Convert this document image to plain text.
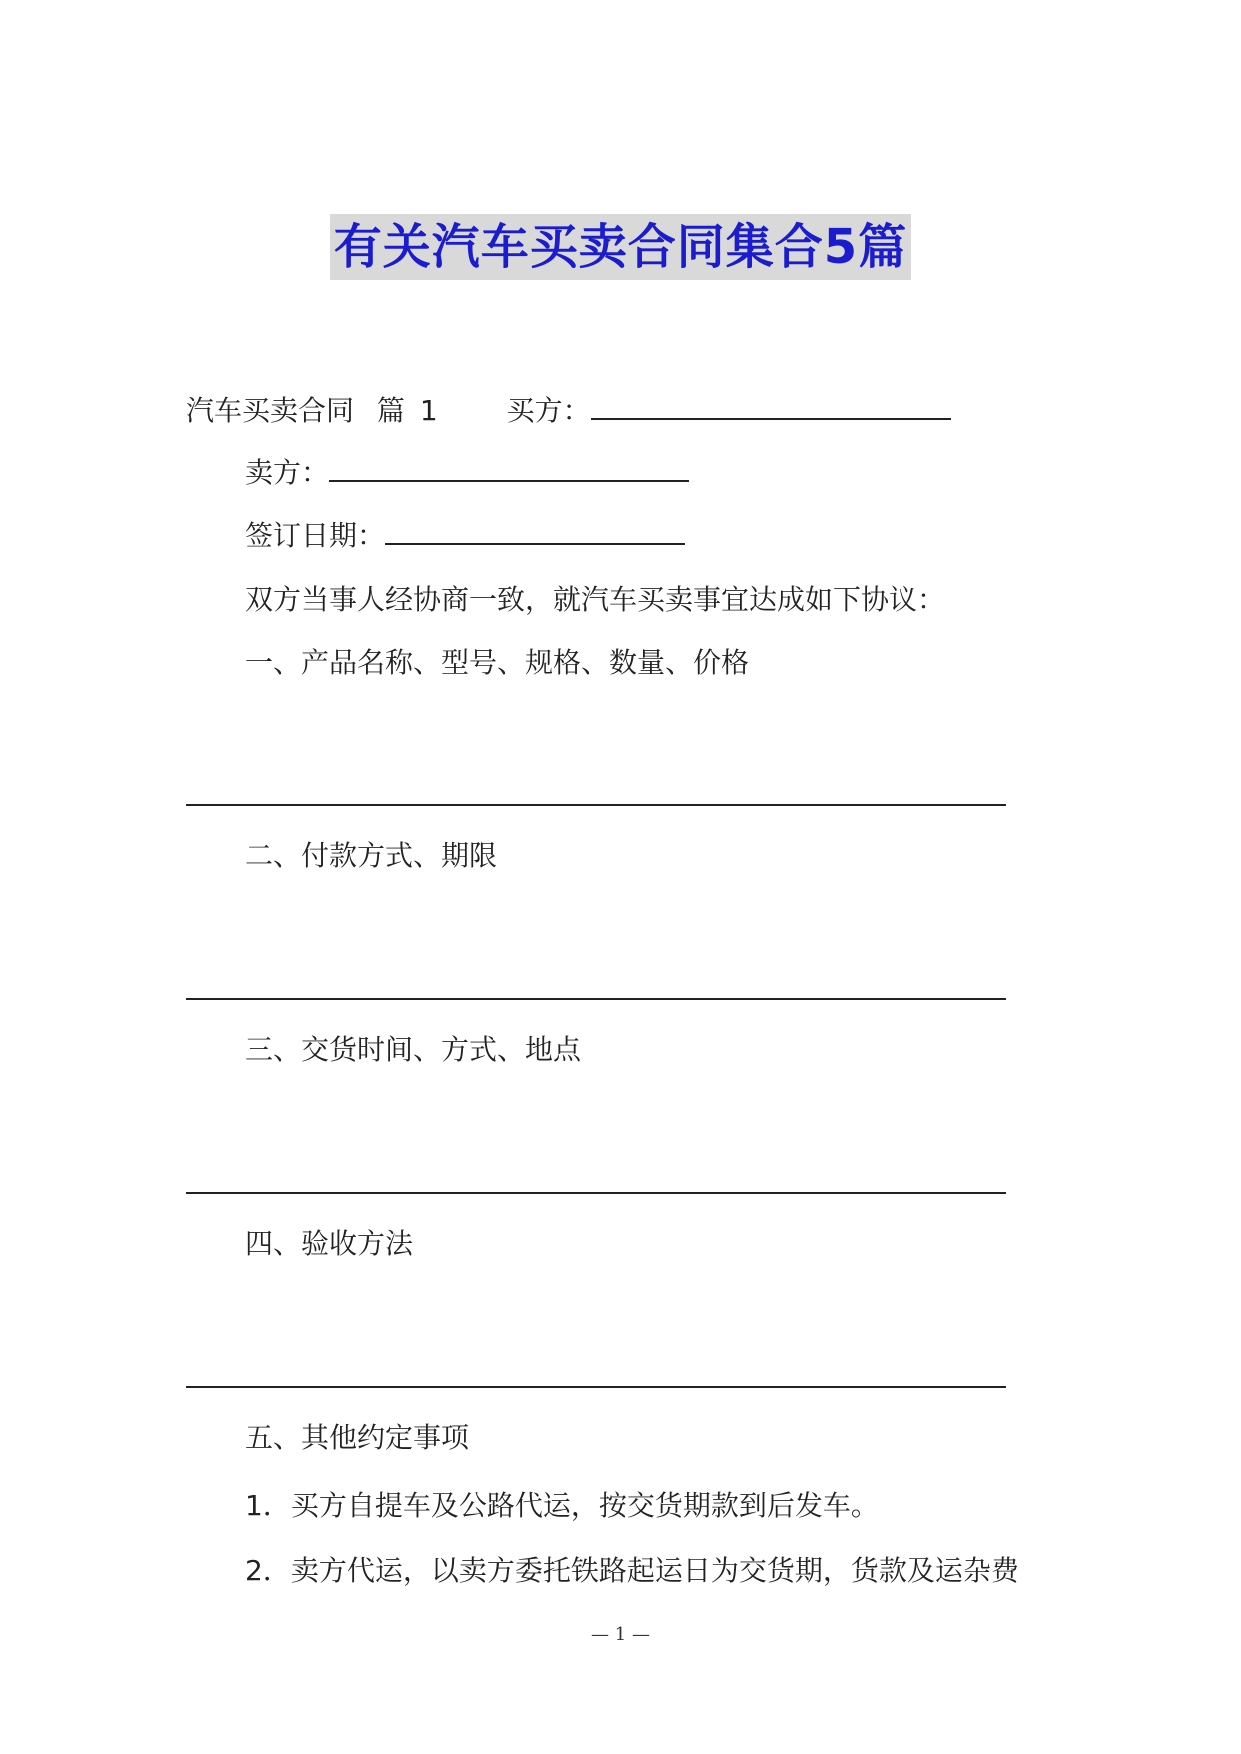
有关汽车买卖合同集合5篇
汽车买卖合同 篇 1 买方：
卖方：
签订日期：
双方当事人经协商一致，就汽车买卖事宜达成如下协议：
一、产品名称、型号、规格、数量、价格
二、付款方式、期限
三、交货时间、方式、地点
四、验收方法
五、其他约定事项
1．买方自提车及公路代运，按交货期款到后发车。
2．卖方代运，以卖方委托铁路起运日为交货期，货款及运杂费
— 1 —
